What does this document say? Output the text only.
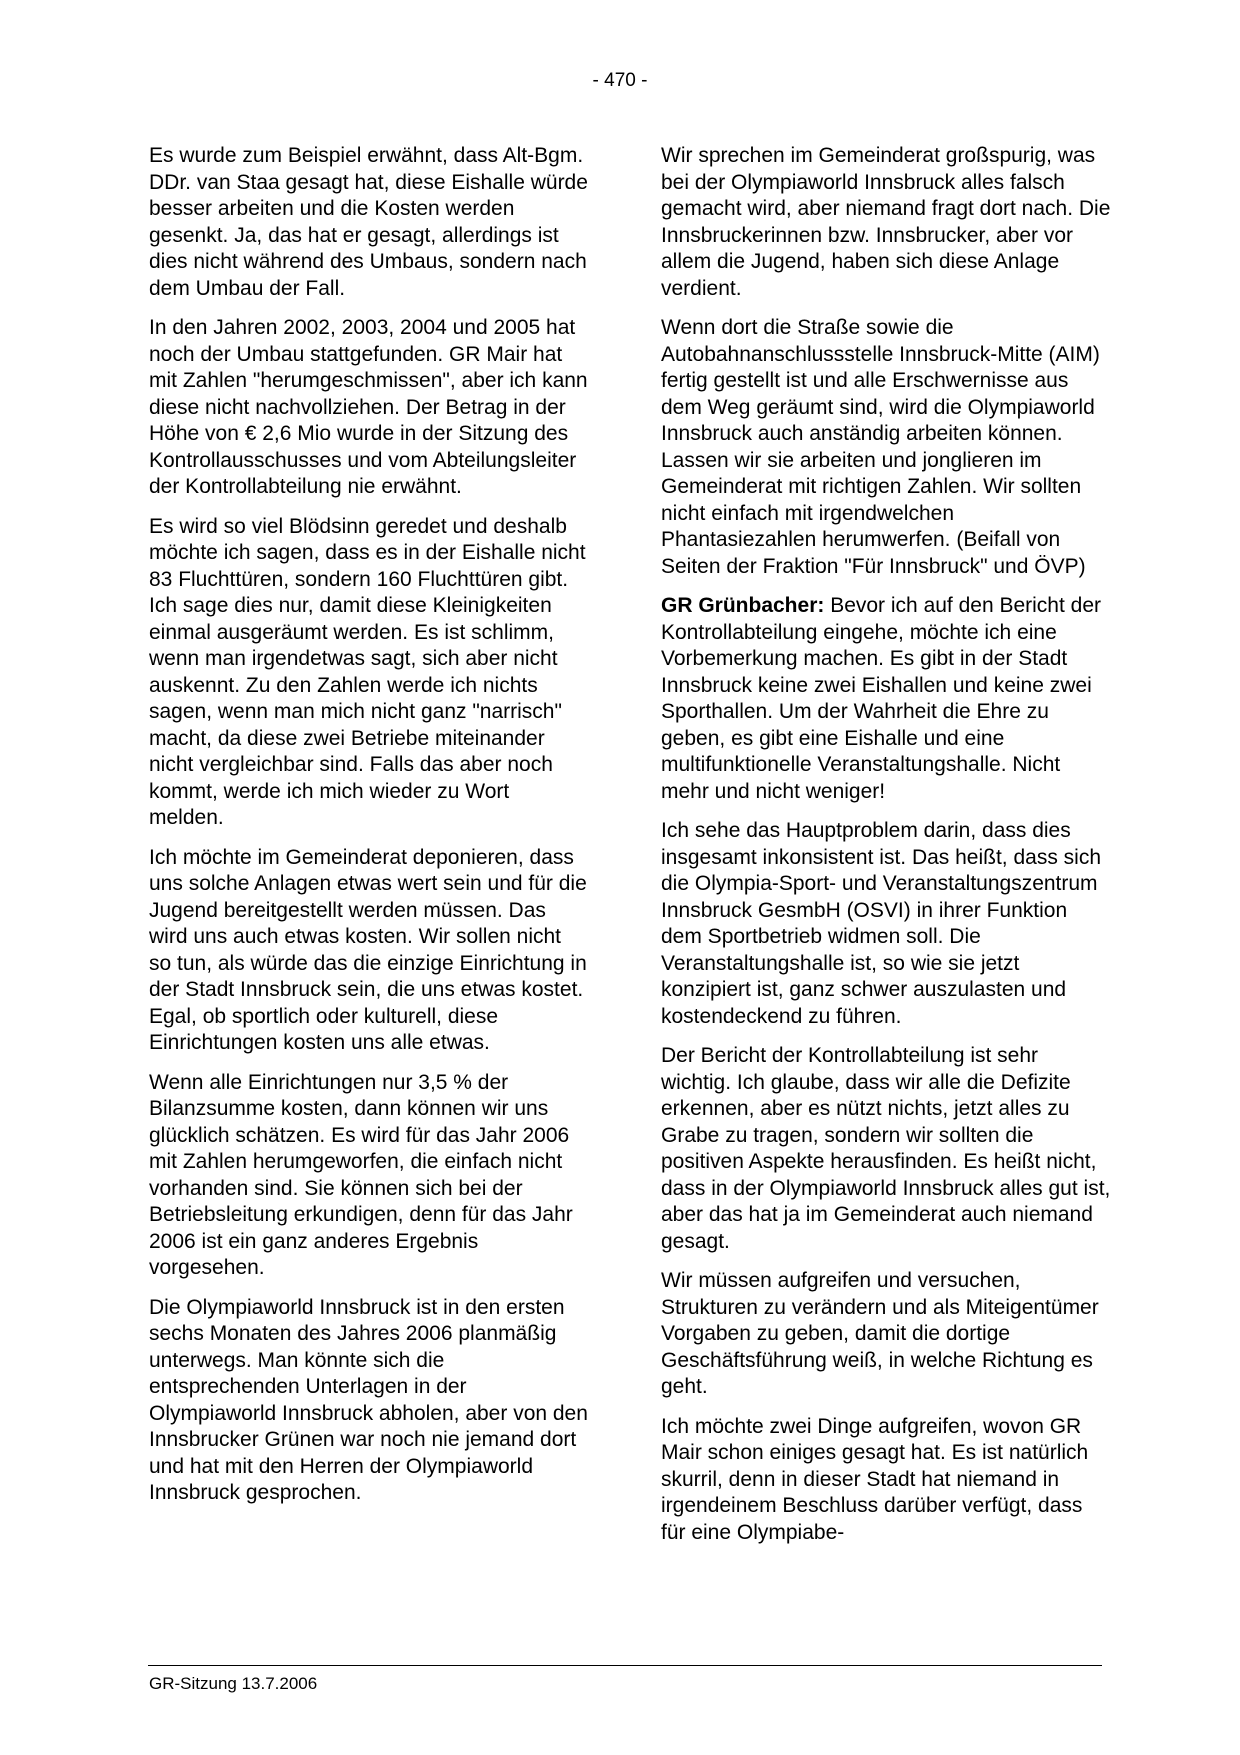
- 470 -

Es wurde zum Beispiel erwähnt, dass Alt-Bgm. DDr. van Staa gesagt hat, diese Eishalle würde besser arbeiten und die Kosten werden gesenkt. Ja, das hat er gesagt, allerdings ist dies nicht während des Umbaus, sondern nach dem Umbau der Fall.

In den Jahren 2002, 2003, 2004 und 2005 hat noch der Umbau stattgefunden. GR Mair hat mit Zahlen "herumgeschmissen", aber ich kann diese nicht nachvollziehen. Der Betrag in der Höhe von € 2,6 Mio wurde in der Sitzung des Kontrollausschusses und vom Abteilungsleiter der Kontrollabteilung nie erwähnt.

Es wird so viel Blödsinn geredet und deshalb möchte ich sagen, dass es in der Eishalle nicht 83 Fluchttüren, sondern 160 Fluchttüren gibt. Ich sage dies nur, damit diese Kleinigkeiten einmal ausgeräumt werden. Es ist schlimm, wenn man irgendetwas sagt, sich aber nicht auskennt. Zu den Zahlen werde ich nichts sagen, wenn man mich nicht ganz "narrisch" macht, da diese zwei Betriebe miteinander nicht vergleichbar sind. Falls das aber noch kommt, werde ich mich wieder zu Wort melden.

Ich möchte im Gemeinderat deponieren, dass uns solche Anlagen etwas wert sein und für die Jugend bereitgestellt werden müssen. Das wird uns auch etwas kosten. Wir sollen nicht so tun, als würde das die einzige Einrichtung in der Stadt Innsbruck sein, die uns etwas kostet. Egal, ob sportlich oder kulturell, diese Einrichtungen kosten uns alle etwas.

Wenn alle Einrichtungen nur 3,5 % der Bilanzsumme kosten, dann können wir uns glücklich schätzen. Es wird für das Jahr 2006 mit Zahlen herumgeworfen, die einfach nicht vorhanden sind. Sie können sich bei der Betriebsleitung erkundigen, denn für das Jahr 2006 ist ein ganz anderes Ergebnis vorgesehen.

Die Olympiaworld Innsbruck ist in den ersten sechs Monaten des Jahres 2006 planmäßig unterwegs. Man könnte sich die entsprechenden Unterlagen in der Olympiaworld Innsbruck abholen, aber von den Innsbrucker Grünen war noch nie jemand dort und hat mit den Herren der Olympiaworld Innsbruck gesprochen.

Wir sprechen im Gemeinderat großspurig, was bei der Olympiaworld Innsbruck alles falsch gemacht wird, aber niemand fragt dort nach. Die Innsbruckerinnen bzw. Innsbrucker, aber vor allem die Jugend, haben sich diese Anlage verdient.

Wenn dort die Straße sowie die Autobahnanschlussstelle Innsbruck-Mitte (AIM) fertig gestellt ist und alle Erschwernisse aus dem Weg geräumt sind, wird die Olympiaworld Innsbruck auch anständig arbeiten können. Lassen wir sie arbeiten und jonglieren im Gemeinderat mit richtigen Zahlen. Wir sollten nicht einfach mit irgendwelchen Phantasiezahlen herumwerfen. (Beifall von Seiten der Fraktion "Für Innsbruck" und ÖVP)

GR Grünbacher: Bevor ich auf den Bericht der Kontrollabteilung eingehe, möchte ich eine Vorbemerkung machen. Es gibt in der Stadt Innsbruck keine zwei Eishallen und keine zwei Sporthallen. Um der Wahrheit die Ehre zu geben, es gibt eine Eishalle und eine multifunktionelle Veranstaltungshalle. Nicht mehr und nicht weniger!

Ich sehe das Hauptproblem darin, dass dies insgesamt inkonsistent ist. Das heißt, dass sich die Olympia-Sport- und Veranstaltungszentrum Innsbruck GesmbH (OSVI) in ihrer Funktion dem Sportbetrieb widmen soll. Die Veranstaltungshalle ist, so wie sie jetzt konzipiert ist, ganz schwer auszulasten und kostendeckend zu führen.

Der Bericht der Kontrollabteilung ist sehr wichtig. Ich glaube, dass wir alle die Defizite erkennen, aber es nützt nichts, jetzt alles zu Grabe zu tragen, sondern wir sollten die positiven Aspekte herausfinden. Es heißt nicht, dass in der Olympiaworld Innsbruck alles gut ist, aber das hat ja im Gemeinderat auch niemand gesagt.

Wir müssen aufgreifen und versuchen, Strukturen zu verändern und als Miteigentümer Vorgaben zu geben, damit die dortige Geschäftsführung weiß, in welche Richtung es geht.

Ich möchte zwei Dinge aufgreifen, wovon GR Mair schon einiges gesagt hat. Es ist natürlich skurril, denn in dieser Stadt hat niemand in irgendeinem Beschluss darüber verfügt, dass für eine Olympiabe-

GR-Sitzung 13.7.2006
